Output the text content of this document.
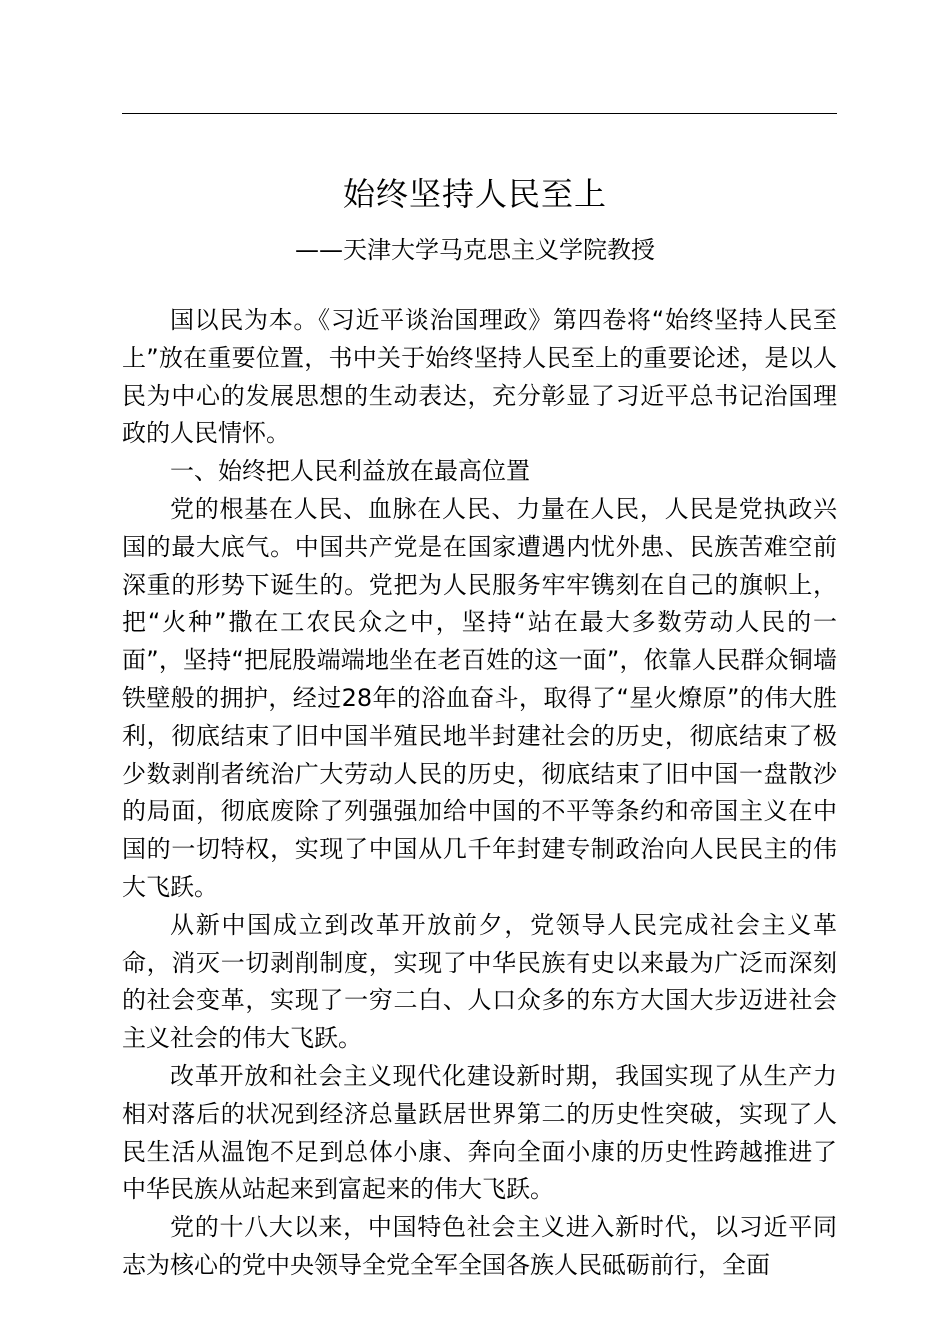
始终坚持人民至上
——天津大学马克思主义学院教授

国以民为本。《习近平谈治国理政》第四卷将“始终坚持人民至上”放在重要位置，书中关于始终坚持人民至上的重要论述，是以人民为中心的发展思想的生动表达，充分彰显了习近平总书记治国理政的人民情怀。

一、始终把人民利益放在最高位置

党的根基在人民、血脉在人民、力量在人民，人民是党执政兴国的最大底气。中国共产党是在国家遭遇内忧外患、民族苦难空前深重的形势下诞生的。党把为人民服务牢牢镌刻在自己的旗帜上，把“火种”撒在工农民众之中，坚持“站在最大多数劳动人民的一面”，坚持“把屁股端端地坐在老百姓的这一面”，依靠人民群众铜墙铁壁般的拥护，经过28年的浴血奋斗，取得了“星火燎原”的伟大胜利，彻底结束了旧中国半殖民地半封建社会的历史，彻底结束了极少数剥削者统治广大劳动人民的历史，彻底结束了旧中国一盘散沙的局面，彻底废除了列强强加给中国的不平等条约和帝国主义在中国的一切特权，实现了中国从几千年封建专制政治向人民民主的伟大飞跃。

从新中国成立到改革开放前夕，党领导人民完成社会主义革命，消灭一切剥削制度，实现了中华民族有史以来最为广泛而深刻的社会变革，实现了一穷二白、人口众多的东方大国大步迈进社会主义社会的伟大飞跃。

改革开放和社会主义现代化建设新时期，我国实现了从生产力相对落后的状况到经济总量跃居世界第二的历史性突破，实现了人民生活从温饱不足到总体小康、奔向全面小康的历史性跨越推进了中华民族从站起来到富起来的伟大飞跃。

党的十八大以来，中国特色社会主义进入新时代，以习近平同志为核心的党中央领导全党全军全国各族人民砥砺前行，全面
